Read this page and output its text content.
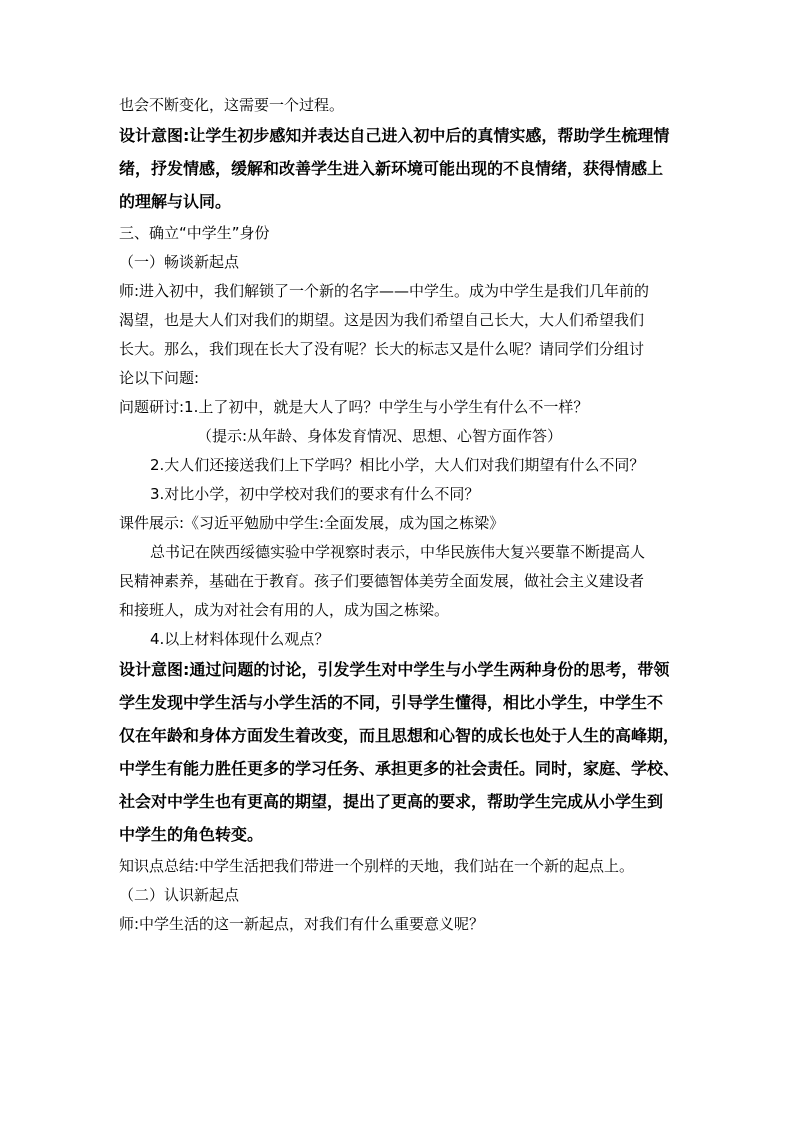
也会不断变化，这需要一个过程。

设计意图:让学生初步感知并表达自己进入初中后的真情实感，帮助学生梳理情

绪，抒发情感，缓解和改善学生进入新环境可能出现的不良情绪，获得情感上

的理解与认同。

三、确立“中学生”身份

（一）畅谈新起点

师:进入初中，我们解锁了一个新的名字——中学生。成为中学生是我们几年前的

渴望，也是大人们对我们的期望。这是因为我们希望自己长大，大人们希望我们

长大。那么，我们现在长大了没有呢？长大的标志又是什么呢？请同学们分组讨

论以下问题:

问题研讨:1.上了初中，就是大人了吗？中学生与小学生有什么不一样？

（提示:从年龄、身体发育情况、思想、心智方面作答）

2.大人们还接送我们上下学吗？相比小学，大人们对我们期望有什么不同？

3.对比小学，初中学校对我们的要求有什么不同？

课件展示:《习近平勉励中学生:全面发展，成为国之栋梁》

总书记在陕西绥德实验中学视察时表示，中华民族伟大复兴要靠不断提高人

民精神素养，基础在于教育。孩子们要德智体美劳全面发展，做社会主义建设者

和接班人，成为对社会有用的人，成为国之栋梁。

4.以上材料体现什么观点？

设计意图:通过问题的讨论，引发学生对中学生与小学生两种身份的思考，带领

学生发现中学生活与小学生活的不同，引导学生懂得，相比小学生，中学生不

仅在年龄和身体方面发生着改变，而且思想和心智的成长也处于人生的高峰期，

中学生有能力胜任更多的学习任务、承担更多的社会责任。同时，家庭、学校、

社会对中学生也有更高的期望，提出了更高的要求，帮助学生完成从小学生到

中学生的角色转变。

知识点总结:中学生活把我们带进一个别样的天地，我们站在一个新的起点上。

（二）认识新起点

师:中学生活的这一新起点，对我们有什么重要意义呢？
